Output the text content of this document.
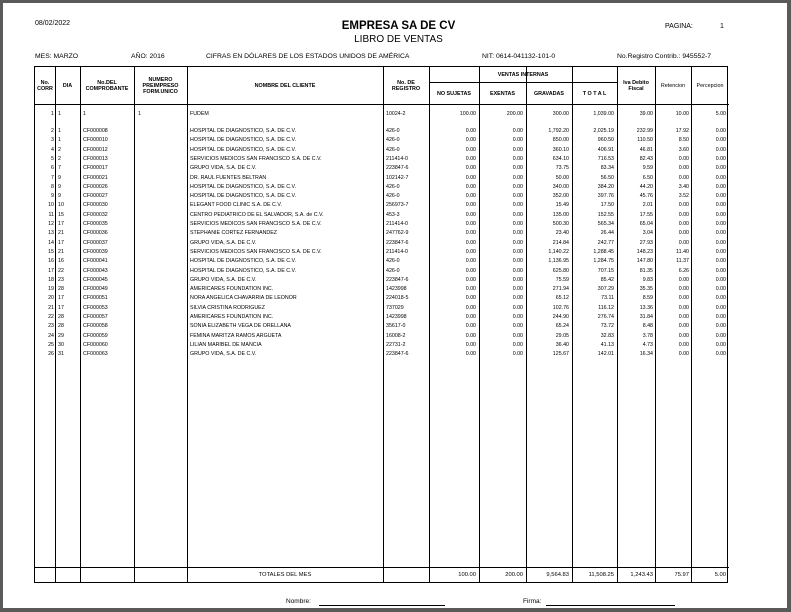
08/02/2022	EMPRESA SA DE CV	PAGINA:	1
LIBRO DE VENTAS
MES: MARZO	AÑO: 2016	CIFRAS EN DÓLARES DE LOS ESTADOS UNIDOS DE AMÉRICA	NIT: 0614-041132-101-0	No.Registro Contrib.: 945552-7
No. CORR	DIA	No.DEL COMPROBANTE
NUMERO PREIMPRESO FORM.UNICO
NOMBRE DEL CLIENTE	No. DE REGISTRO
VENTAS INTERNAS
NO SUJETAS	EXENTAS	GRAVADAS	T O T A L
Iva Debito Fiscal	Retencion	Percepcion
1 1	1	1	FUDEM	10024-2	100.00	200.00	300.00	1,039.00	39.00	10.00	5.00
2 1	CF000008	HOSPITAL DE DIAGNOSTICO, S.A. DE C.V.	426-0	0.00	0.00	1,792.20	2,025.19	232.99	17.92	0.00
3 1	CF000010	HOSPITAL DE DIAGNOSTICO, S.A. DE C.V.	426-0	0.00	0.00	850.00	960.50	110.50	8.50	0.00
4 2	CF000012	HOSPITAL DE DIAGNOSTICO, S.A. DE C.V.	426-0	0.00	0.00	360.10	406.91	46.81	3.60	0.00
5 2	CF000013	SERVICIOS MEDICOS SAN FRANCISCO S.A. DE C.V.	211414-0	0.00	0.00	634.10	716.53	82.43	0.00	0.00
6 7	CF000017	GRUPO VIDA, S.A. DE C.V.	223847-6	0.00	0.00	73.75	83.34	9.59	0.00	0.00
7 9	CF000021	DR. RAUL FUENTES BELTRAN	102142-7	0.00	0.00	50.00	56.50	6.50	0.00	0.00
8 9	CF000026	HOSPITAL DE DIAGNOSTICO, S.A. DE C.V.	426-0	0.00	0.00	340.00	384.20	44.20	3.40	0.00
9 9	CF000027	HOSPITAL DE DIAGNOSTICO, S.A. DE C.V.	426-0	0.00	0.00	352.00	397.76	45.76	3.52	0.00
10 10	CF000030	ELEGANT FOOD CLINIC S.A. DE C.V.	256973-7	0.00	0.00	15.49	17.50	2.01	0.00	0.00
11 15	CF000032	CENTRO PEDIATRICO DE EL SALVADOR, S.A. de C.V.	453-3	0.00	0.00	135.00	152.55	17.55	0.00	0.00
12 17	CF000035	SERVICIOS MEDICOS SAN FRANCISCO S.A. DE C.V.	211414-0	0.00	0.00	500.30	565.34	65.04	0.00	0.00
13 21	CF000036	STEPHANIE CORTEZ FERNANDEZ	247762-9	0.00	0.00	23.40	26.44	3.04	0.00	0.00
14 17	CF000037	GRUPO VIDA, S.A. DE C.V.	223847-6	0.00	0.00	214.84	242.77	27.93	0.00	0.00
15 21	CF000039	SERVICIOS MEDICOS SAN FRANCISCO S.A. DE C.V.	211414-0	0.00	0.00	1,140.22	1,288.45	148.23	11.40	0.00
16 16	CF000041	HOSPITAL DE DIAGNOSTICO, S.A. DE C.V.	426-0	0.00	0.00	1,136.95	1,284.75	147.80	11.37	0.00
17 22	CF000043	HOSPITAL DE DIAGNOSTICO, S.A. DE C.V.	426-0	0.00	0.00	625.80	707.15	81.35	6.26	0.00
18 23	CF000045	GRUPO VIDA, S.A. DE C.V.	223847-6	0.00	0.00	75.59	85.42	9.83	0.00	0.00
19 28	CF000049	AMERICARES FOUNDATION INC.	1423998	0.00	0.00	271.94	307.29	35.35	0.00	0.00
20 17	CF000051	NORA ANGELICA CHAVARRIA DE LEONOR	224018-5	0.00	0.00	65.12	73.11	8.59	0.00	0.00
21 17	CF000053	SILVIA CRISTINA RODRIGUEZ	737029	0.00	0.00	102.76	116.12	13.36	0.00	0.00
22 28	CF000057	AMERICARES FOUNDATION INC.	1423998	0.00	0.00	244.90	276.74	31.84	0.00	0.00
23 28	CF000058	SONIA ELIZABETH VEGA DE ORELLANA	35617-0	0.00	0.00	65.24	73.72	8.48	0.00	0.00
24 29	CF000059	FEMINA MARITZA RAMOS ARGUETA	16008-2	0.00	0.00	29.05	32.83	3.78	0.00	0.00
25 30	CF000060	LILIAN MARIBEL DE MANCIA	22731-2	0.00	0.00	36.40	41.13	4.73	0.00	0.00
26 31	CF000063	GRUPO VIDA, S.A. DE C.V.	223847-6	0.00	0.00	125.67	142.01	16.34	0.00	0.00
TOTALES DEL MES	100.00	200.00	9,564.83	11,508.25	1,243.43	75.97	5.00
Nombre:	Firma:
